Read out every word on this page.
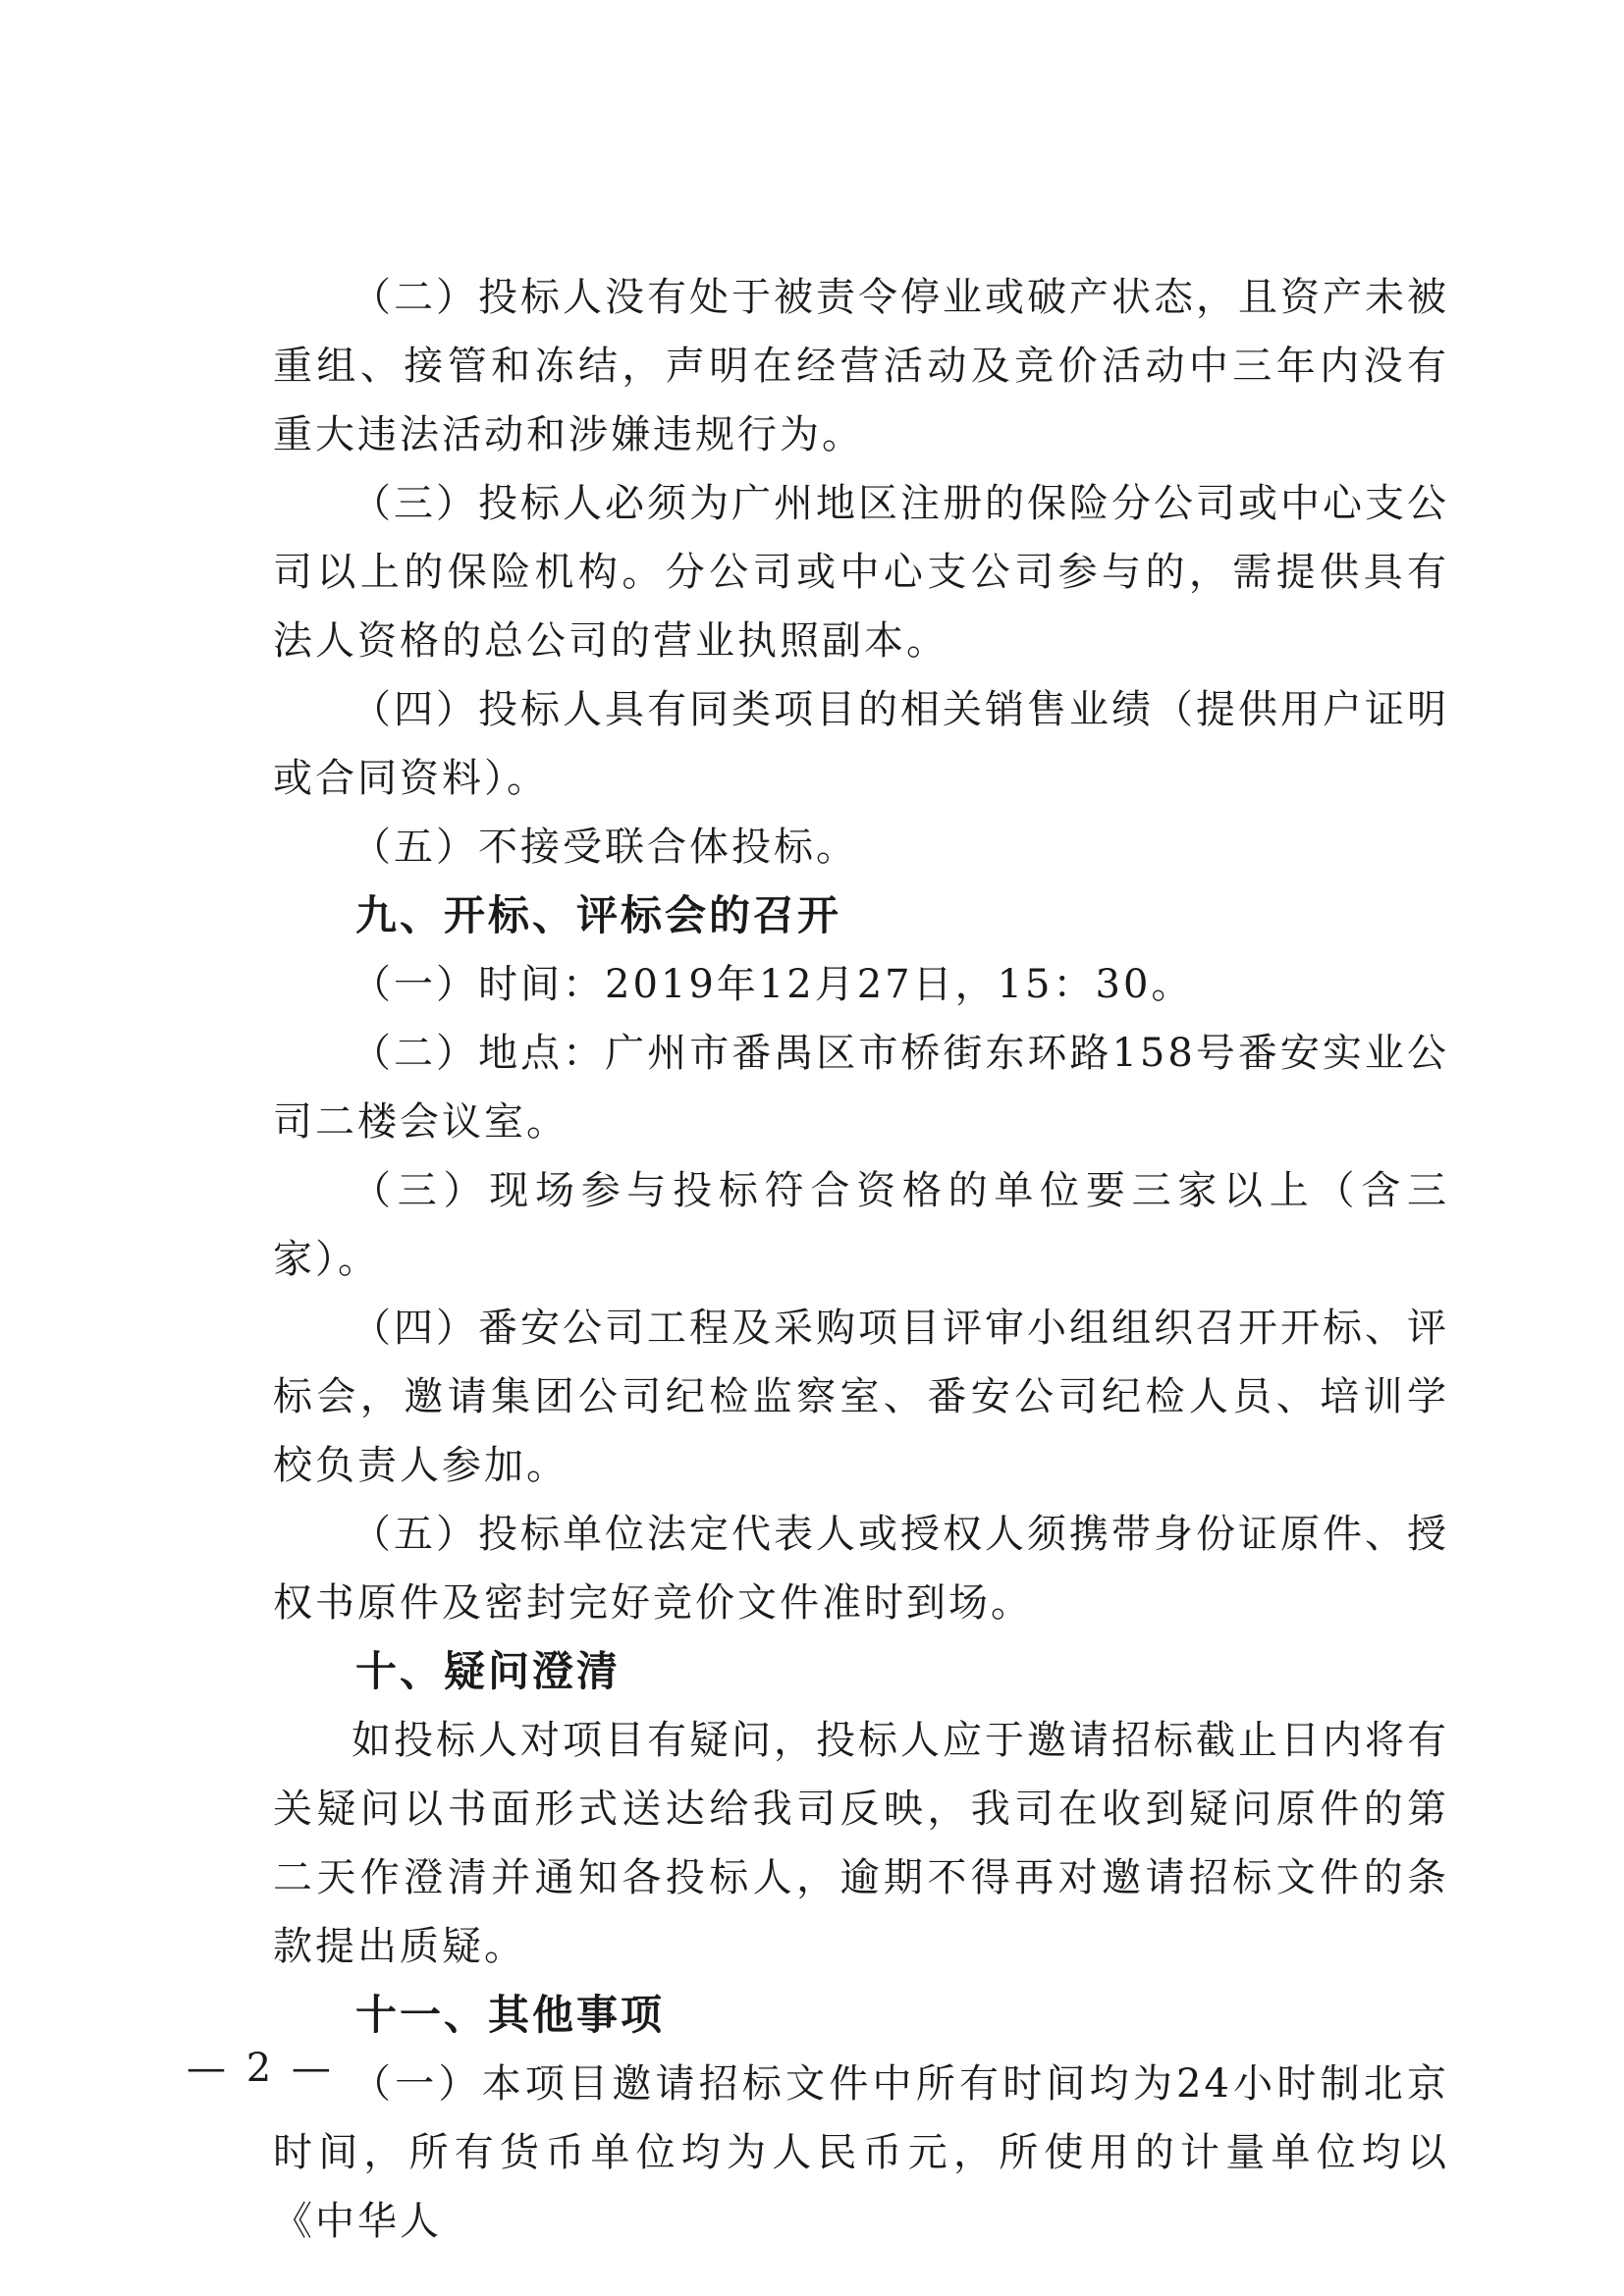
（二）投标人没有处于被责令停业或破产状态，且资产未被重组、接管和冻结，声明在经营活动及竞价活动中三年内没有重大违法活动和涉嫌违规行为。

（三）投标人必须为广州地区注册的保险分公司或中心支公司以上的保险机构。分公司或中心支公司参与的，需提供具有法人资格的总公司的营业执照副本。

（四）投标人具有同类项目的相关销售业绩（提供用户证明或合同资料）。

（五）不接受联合体投标。

九、开标、评标会的召开

（一）时间：2019年12月27日，15：30。

（二）地点：广州市番禺区市桥街东环路158号番安实业公司二楼会议室。

（三）现场参与投标符合资格的单位要三家以上（含三家）。

（四）番安公司工程及采购项目评审小组组织召开开标、评标会，邀请集团公司纪检监察室、番安公司纪检人员、培训学校负责人参加。

（五）投标单位法定代表人或授权人须携带身份证原件、授权书原件及密封完好竞价文件准时到场。

十、疑问澄清

如投标人对项目有疑问，投标人应于邀请招标截止日内将有关疑问以书面形式送达给我司反映，我司在收到疑问原件的第二天作澄清并通知各投标人，逾期不得再对邀请招标文件的条款提出质疑。

十一、其他事项

（一）本项目邀请招标文件中所有时间均为24小时制北京时间，所有货币单位均为人民币元，所使用的计量单位均以《中华人

— 2 —
